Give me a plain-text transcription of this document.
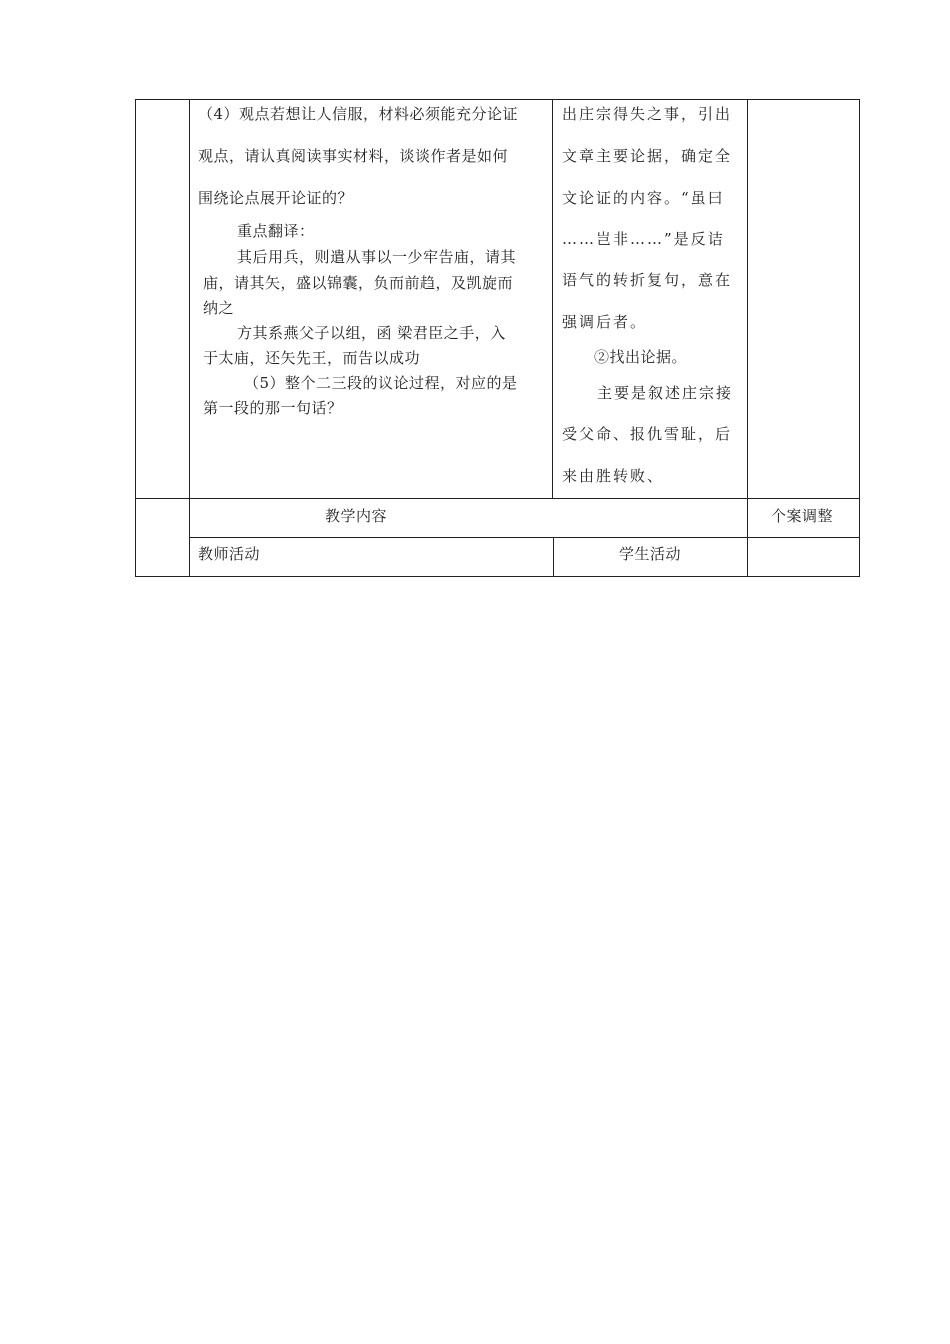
（4）观点若想让人信服，材料必须能充分论证
观点，请认真阅读事实材料，谈谈作者是如何
围绕论点展开论证的？
重点翻译：
其后用兵，则遣从事以一少牢告庙，请其
庙，请其矢，盛以锦囊，负而前趋，及凯旋而
纳之
方其系燕父子以组，函 梁君臣之手，入
于太庙，还矢先王，而告以成功
（5）整个二三段的议论过程，对应的是
第一段的那一句话？
出庄宗得失之事，引出
文章主要论据，确定全
文论证的内容。“虽曰
……岂非……”是反诘
语气的转折复句，意在
强调后者。
②找出论据。
主要是叙述庄宗接
受父命、报仇雪耻，后
来由胜转败、
教学内容	个案调整
教师活动	学生活动
